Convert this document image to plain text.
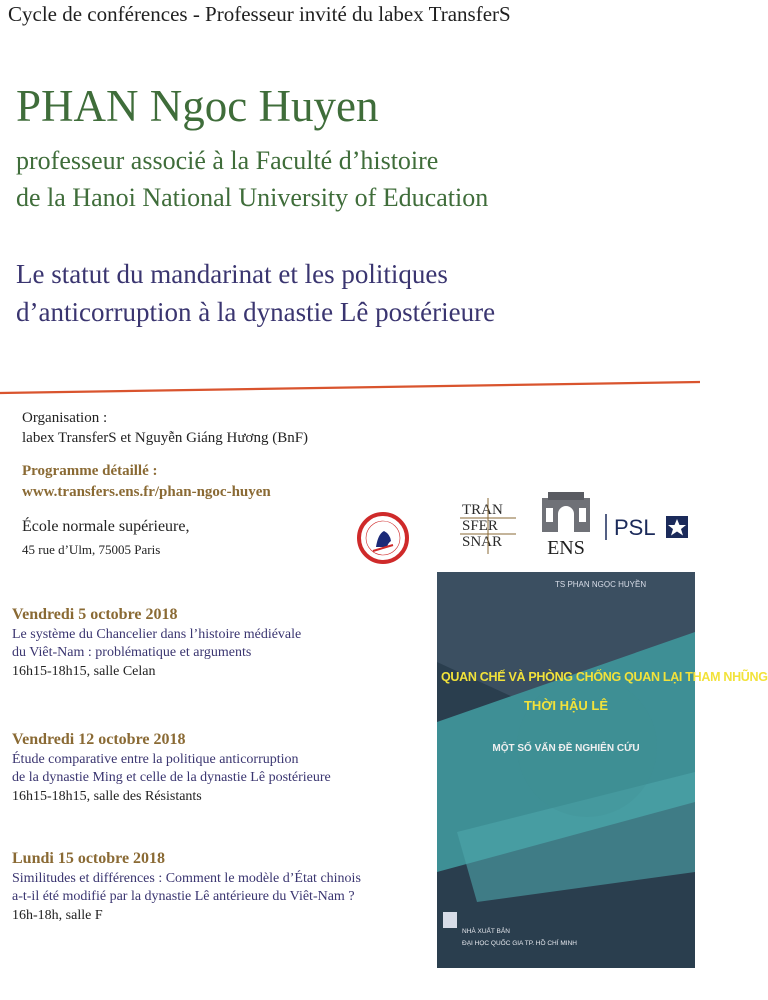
Cycle de conférences - Professeur invité du labex TransferS
PHAN Ngoc Huyen
professeur associé à la Faculté d’histoire
de la Hanoi National University of Education
Le statut du mandarinat et les politiques
d’anticorruption à la dynastie Lê postérieure
Organisation :
labex TransferS et Nguyễn Giáng Hương (BnF)
Programme détaillé :
www.transfers.ens.fr/phan-ngoc-huyen
École normale supérieure,
45 rue d’Ulm, 75005 Paris
TRAN
SFER
SNAR ENS
PSL
Vendredi 5 octobre 2018
Le système du Chancelier dans l’histoire médiévale
du Viêt-Nam : problématique et arguments
16h15-18h15, salle Celan
Vendredi 12 octobre 2018
Étude comparative entre la politique anticorruption
de la dynastie Ming et celle de la dynastie Lê postérieure
16h15-18h15, salle des Résistants
Lundi 15 octobre 2018
Similitudes et différences : Comment le modèle d’État chinois
a-t-il été modifié par la dynastie Lê antérieure du Viêt-Nam ?
16h-18h, salle F
TS PHAN NGỌC HUYỀN
QUAN CHẾ VÀ PHÒNG CHỐNG QUAN LẠI THAM NHŨNG
THỜI HẬU LÊ
MỘT SỐ VẤN ĐỀ NGHIÊN CỨU
NHÀ XUẤT BẢN
ĐẠI HỌC QUỐC GIA TP. HỒ CHÍ MINH
